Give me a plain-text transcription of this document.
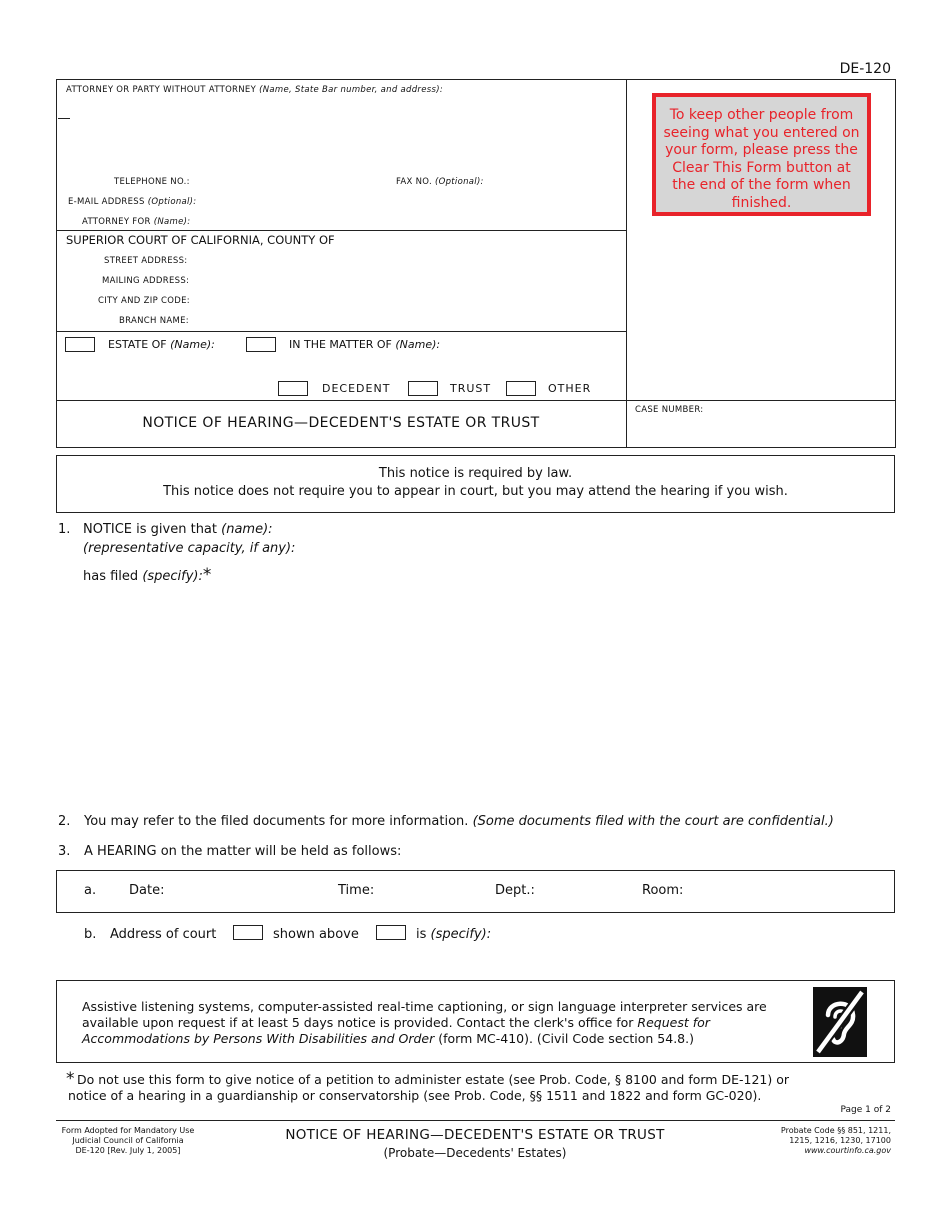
DE-120
ATTORNEY OR PARTY WITHOUT ATTORNEY (Name, State Bar number, and address):
TELEPHONE NO.:	FAX NO. (Optional):
E-MAIL ADDRESS (Optional):
ATTORNEY FOR (Name):
SUPERIOR COURT OF CALIFORNIA, COUNTY OF
STREET ADDRESS:
MAILING ADDRESS:
CITY AND ZIP CODE:
BRANCH NAME:
ESTATE OF (Name):	IN THE MATTER OF (Name):
DECEDENT	TRUST	OTHER
NOTICE OF HEARING—DECEDENT'S ESTATE OR TRUST
CASE NUMBER:
To keep other people from seeing what you entered on your form, please press the Clear This Form button at the end of the form when finished.
This notice is required by law.
This notice does not require you to appear in court, but you may attend the hearing if you wish.
1. NOTICE is given that (name):
(representative capacity, if any):
has filed (specify):*
2. You may refer to the filed documents for more information. (Some documents filed with the court are confidential.)
3. A HEARING on the matter will be held as follows:
a.	Date:	Time:	Dept.:	Room:
b. Address of court	shown above	is (specify):
Assistive listening systems, computer-assisted real-time captioning, or sign language interpreter services are
available upon request if at least 5 days notice is provided. Contact the clerk's office for Request for
Accommodations by Persons With Disabilities and Order (form MC-410). (Civil Code section 54.8.)
* Do not use this form to give notice of a petition to administer estate (see Prob. Code, § 8100 and form DE-121) or
notice of a hearing in a guardianship or conservatorship (see Prob. Code, §§ 1511 and 1822 and form GC-020).
Page 1 of 2
Form Adopted for Mandatory Use
Judicial Council of California
DE-120 [Rev. July 1, 2005]
NOTICE OF HEARING—DECEDENT'S ESTATE OR TRUST
(Probate—Decedents' Estates)
Probate Code §§ 851, 1211,
1215, 1216, 1230, 17100
www.courtinfo.ca.gov
